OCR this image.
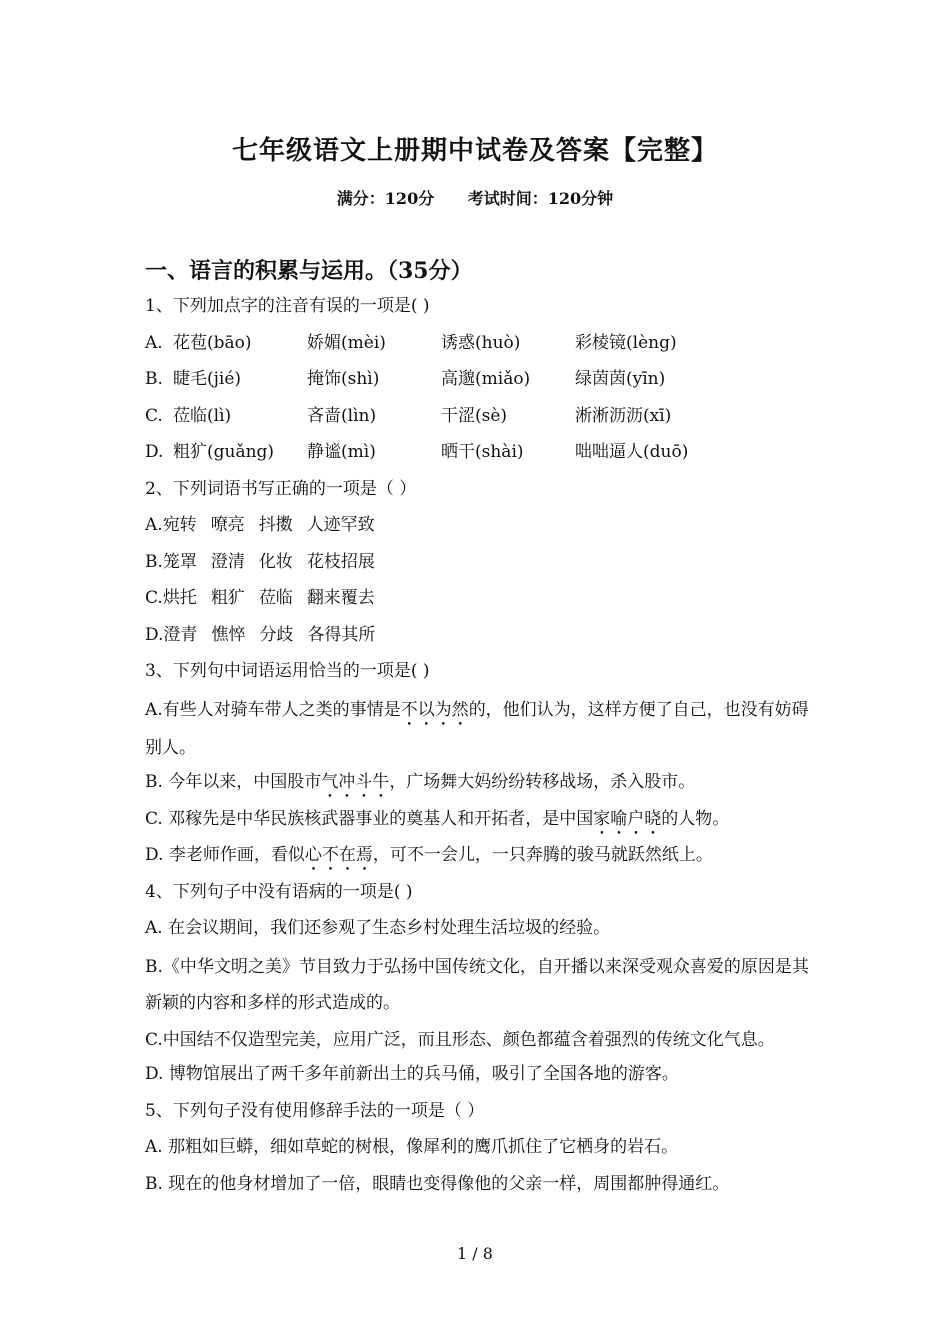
七年级语文上册期中试卷及答案【完整】
满分：120分 考试时间：120分钟
一、语言的积累与运用。（35分）
1、下列加点字的注音有误的一项是( )
A. 花苞(bāo)	娇媚(mèi)	诱惑(huò)	彩棱镜(lèng)
B. 睫毛(jié)	掩饰(shì)	高邈(miǎo)	绿茵茵(yīn)
C. 莅临(lì)	吝啬(lìn)	干涩(sè)	淅淅沥沥(xī)
D. 粗犷(guǎng)	静谧(mì)	晒干(shài)	咄咄逼人(duō)
2、下列词语书写正确的一项是（ ）
A.宛转 嘹亮 抖擞 人迹罕致
B.笼罩 澄清 化妆 花枝招展
C.烘托 粗犷 莅临 翻来覆去
D.澄青 憔悴 分歧 各得其所
3、下列句中词语运用恰当的一项是( )
A.有些人对骑车带人之类的事情是不以为然的，他们认为，这样方便了自己，也没有妨碍别人。
B. 今年以来，中国股市气冲斗牛，广场舞大妈纷纷转移战场，杀入股市。
C. 邓稼先是中华民族核武器事业的奠基人和开拓者，是中国家喻户晓的人物。
D. 李老师作画，看似心不在焉，可不一会儿，一只奔腾的骏马就跃然纸上。
4、下列句子中没有语病的一项是( )
A. 在会议期间，我们还参观了生态乡村处理生活垃圾的经验。
B.《中华文明之美》节目致力于弘扬中国传统文化，自开播以来深受观众喜爱的原因是其新颖的内容和多样的形式造成的。
C.中国结不仅造型完美，应用广泛，而且形态、颜色都蕴含着强烈的传统文化气息。
D. 博物馆展出了两千多年前新出土的兵马俑，吸引了全国各地的游客。
5、下列句子没有使用修辞手法的一项是（ ）
A. 那粗如巨蟒，细如草蛇的树根，像犀利的鹰爪抓住了它栖身的岩石。
B. 现在的他身材增加了一倍，眼睛也变得像他的父亲一样，周围都肿得通红。
1 / 8
